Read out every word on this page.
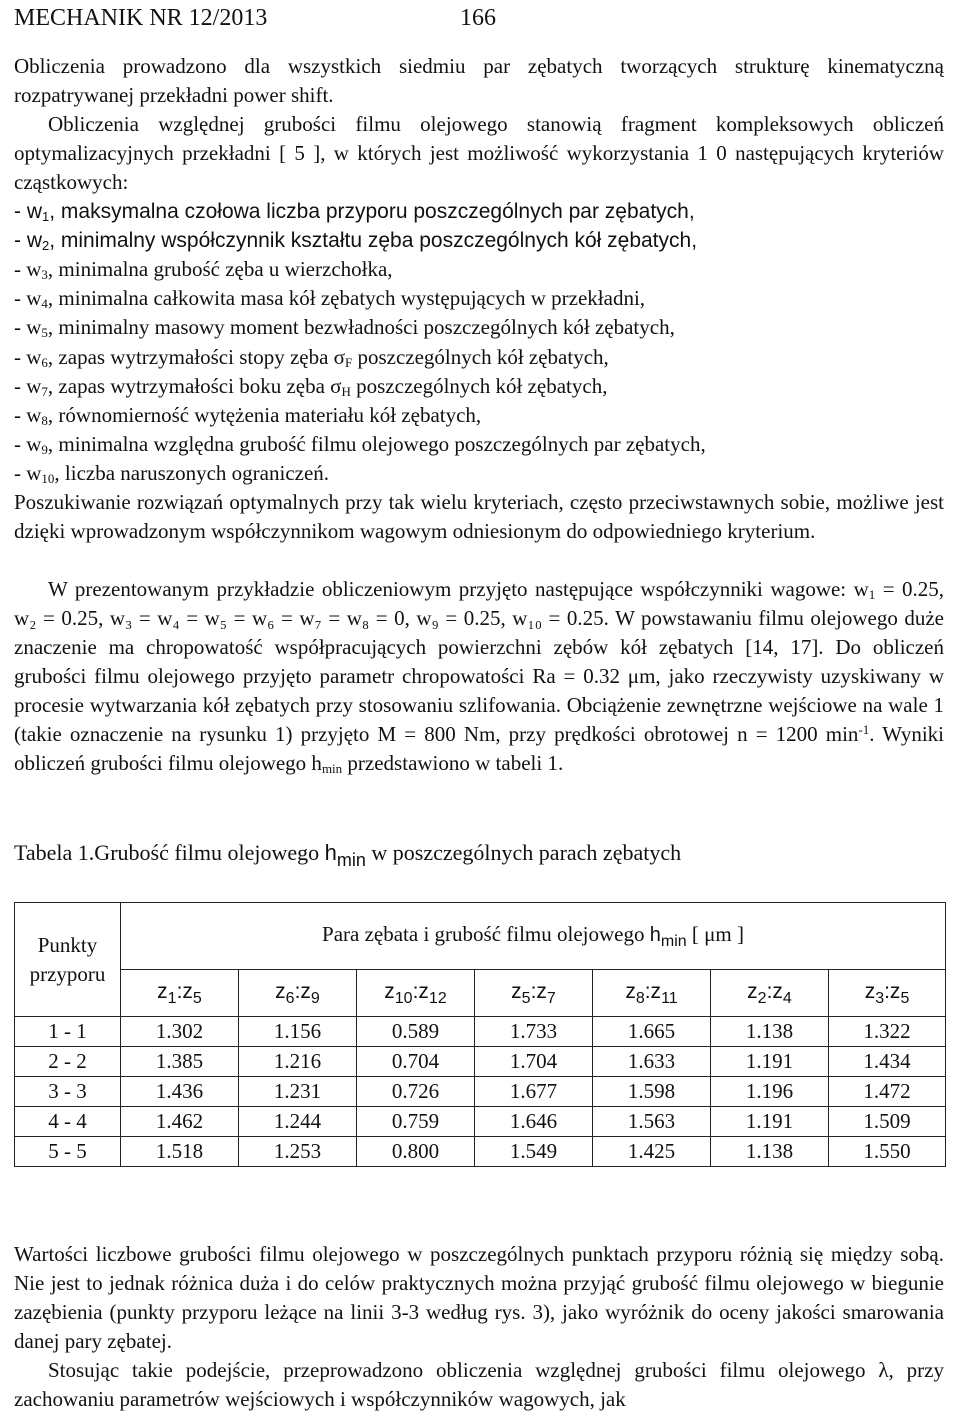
MECHANIK NR 12/2013	166
Obliczenia prowadzono dla wszystkich siedmiu par zębatych tworzących strukturę kinematyczną rozpatrywanej przekładni power shift.
Obliczenia względnej grubości filmu olejowego stanowią fragment kompleksowych obliczeń optymalizacyjnych przekładni [ 5 ], w których jest możliwość wykorzystania 1 0 następujących kryteriów cząstkowych:
- $w_1$, maksymalna czołowa liczba przyporu poszczególnych par zębatych,
- $w_2$, minimalny współczynnik kształtu zęba poszczególnych kół zębatych,
- $w_3$, minimalna grubość zęba u wierzchołka,
- $w_4$, minimalna całkowita masa kół zębatych występujących w przekładni,
- $w_5$, minimalny masowy moment bezwładności poszczególnych kół zębatych,
- $w_6$, zapas wytrzymałości stopy zęba $\sigma_F$ poszczególnych kół zębatych,
- $w_7$, zapas wytrzymałości boku zęba $\sigma_H$ poszczególnych kół zębatych,
- $w_8$, równomierność wytężenia materiału kół zębatych,
- $w_9$, minimalna względna grubość filmu olejowego poszczególnych par zębatych,
- $w_{10}$, liczba naruszonych ograniczeń.
Poszukiwanie rozwiązań optymalnych przy tak wielu kryteriach, często przeciwstawnych sobie, możliwe jest dzięki wprowadzonym współczynnikom wagowym odniesionym do odpowiedniego kryterium.
W prezentowanym przykładzie obliczeniowym przyjęto następujące współczynniki wagowe: $w_1 = 0.25$, w₂ = 0.25, w₃ = w₄ = w₅ = w₆ = w₇ = w₈ = 0, w₉ = 0.25, w₁₀ = 0.25. W powstawaniu filmu olejowego duże znaczenie ma chropowatość współpracujących powierzchni zębów kół zębatych [14, 17]. Do obliczeń grubości filmu olejowego przyjęto parametr chropowatości Ra = 0.32 μm, jako rzeczywisty uzyskiwany w procesie wytwarzania kół zębatych przy stosowaniu szlifowania. Obciążenie zewnętrzne wejściowe na wale 1 (takie oznaczenie na rysunku 1) przyjęto M = 800 Nm, przy prędkości obrotowej n = 1200 $\min^{-1}$. Wyniki obliczeń grubości filmu olejowego $h_{min}$ przedstawiono w tabeli 1.
Tabela 1.Grubość filmu olejowego $h_{min}$ w poszczególnych parach zębatych
Punkty przyporu	Para zębata i grubość filmu olejowego $h_{min}$ [ μm ]						
	$z_1:z_5$	$z_6:z_9$	$z_{10}:z_{12}$	$z_5:z_7$	$z_8:z_{11}$	$z_2:z_4$	$z_3:z_5$
1 - 1	1.302	1.156	0.589	1.733	1.665	1.138	1.322
2 - 2	1.385	1.216	0.704	1.704	1.633	1.191	1.434
3 - 3	1.436	1.231	0.726	1.677	1.598	1.196	1.472
4 - 4	1.462	1.244	0.759	1.646	1.563	1.191	1.509
5 - 5	1.518	1.253	0.800	1.549	1.425	1.138	1.550
Wartości liczbowe grubości filmu olejowego w poszczególnych punktach przyporu różnią się między sobą. Nie jest to jednak różnica duża i do celów praktycznych można przyjąć grubość filmu olejowego w biegunie zazębienia (punkty przyporu leżące na linii 3-3 według rys. 3), jako wyróżnik do oceny jakości smarowania danej pary zębatej.
Stosując takie podejście, przeprowadzono obliczenia względnej grubości filmu olejowego λ, przy zachowaniu parametrów wejściowych i współczynników wagowych, jak
